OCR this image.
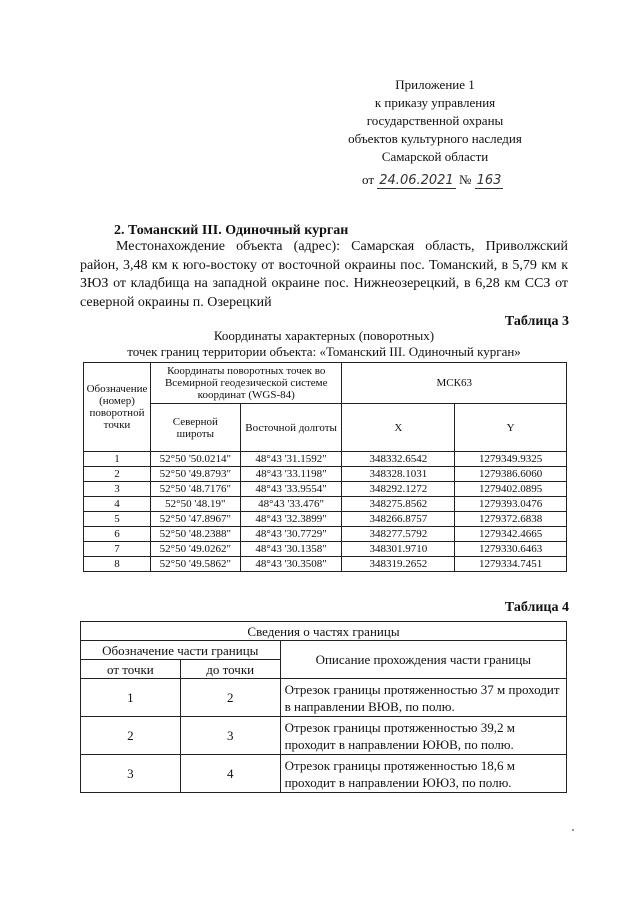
Приложение 1
к приказу управления
государственной охраны
объектов культурного наследия
Самарской области
от 24.06.2021 № 163
2. Томанский III. Одиночный курган
Местонахождение объекта (адрес): Самарская область, Приволжский район, 3,48 км к юго-востоку от восточной окраины пос. Томанский, в 5,79 км к ЗЮЗ от кладбища на западной окраине пос. Нижнеозерецкий, в 6,28 км ССЗ от северной окраины п. Озерецкий
Таблица 3
Координаты характерных (поворотных)
точек границ территории объекта: «Томанский III. Одиночный курган»
Обозначение (номер) поворотной точки	Координаты поворотных точек во Всемирной геодезической системе координат (WGS-84)		МСК63	
	Северной широты	Восточной долготы	X	Y
1	52°50 '50.0214"	48°43 '31.1592"	348332.6542	1279349.9325
2	52°50 '49.8793"	48°43 '33.1198"	348328.1031	1279386.6060
3	52°50 '48.7176"	48°43 '33.9554"	348292.1272	1279402.0895
4	52°50 '48.19"	48°43 '33.476"	348275.8562	1279393.0476
5	52°50 '47.8967"	48°43 '32.3899"	348266.8757	1279372.6838
6	52°50 '48.2388"	48°43 '30.7729"	348277.5792	1279342.4665
7	52°50 '49.0262"	48°43 '30.1358"	348301.9710	1279330.6463
8	52°50 '49.5862"	48°43 '30.3508"	348319.2652	1279334.7451
Таблица 4
Сведения о частях границы		
Обозначение части границы		Описание прохождения части границы
от точки	до точки	
1	2	Отрезок границы протяженностью 37 м проходит в направлении ВЮВ, по полю.
2	3	Отрезок границы протяженностью 39,2 м проходит в направлении ЮЮВ, по полю.
3	4	Отрезок границы протяженностью 18,6 м проходит в направлении ЮЮЗ, по полю.
